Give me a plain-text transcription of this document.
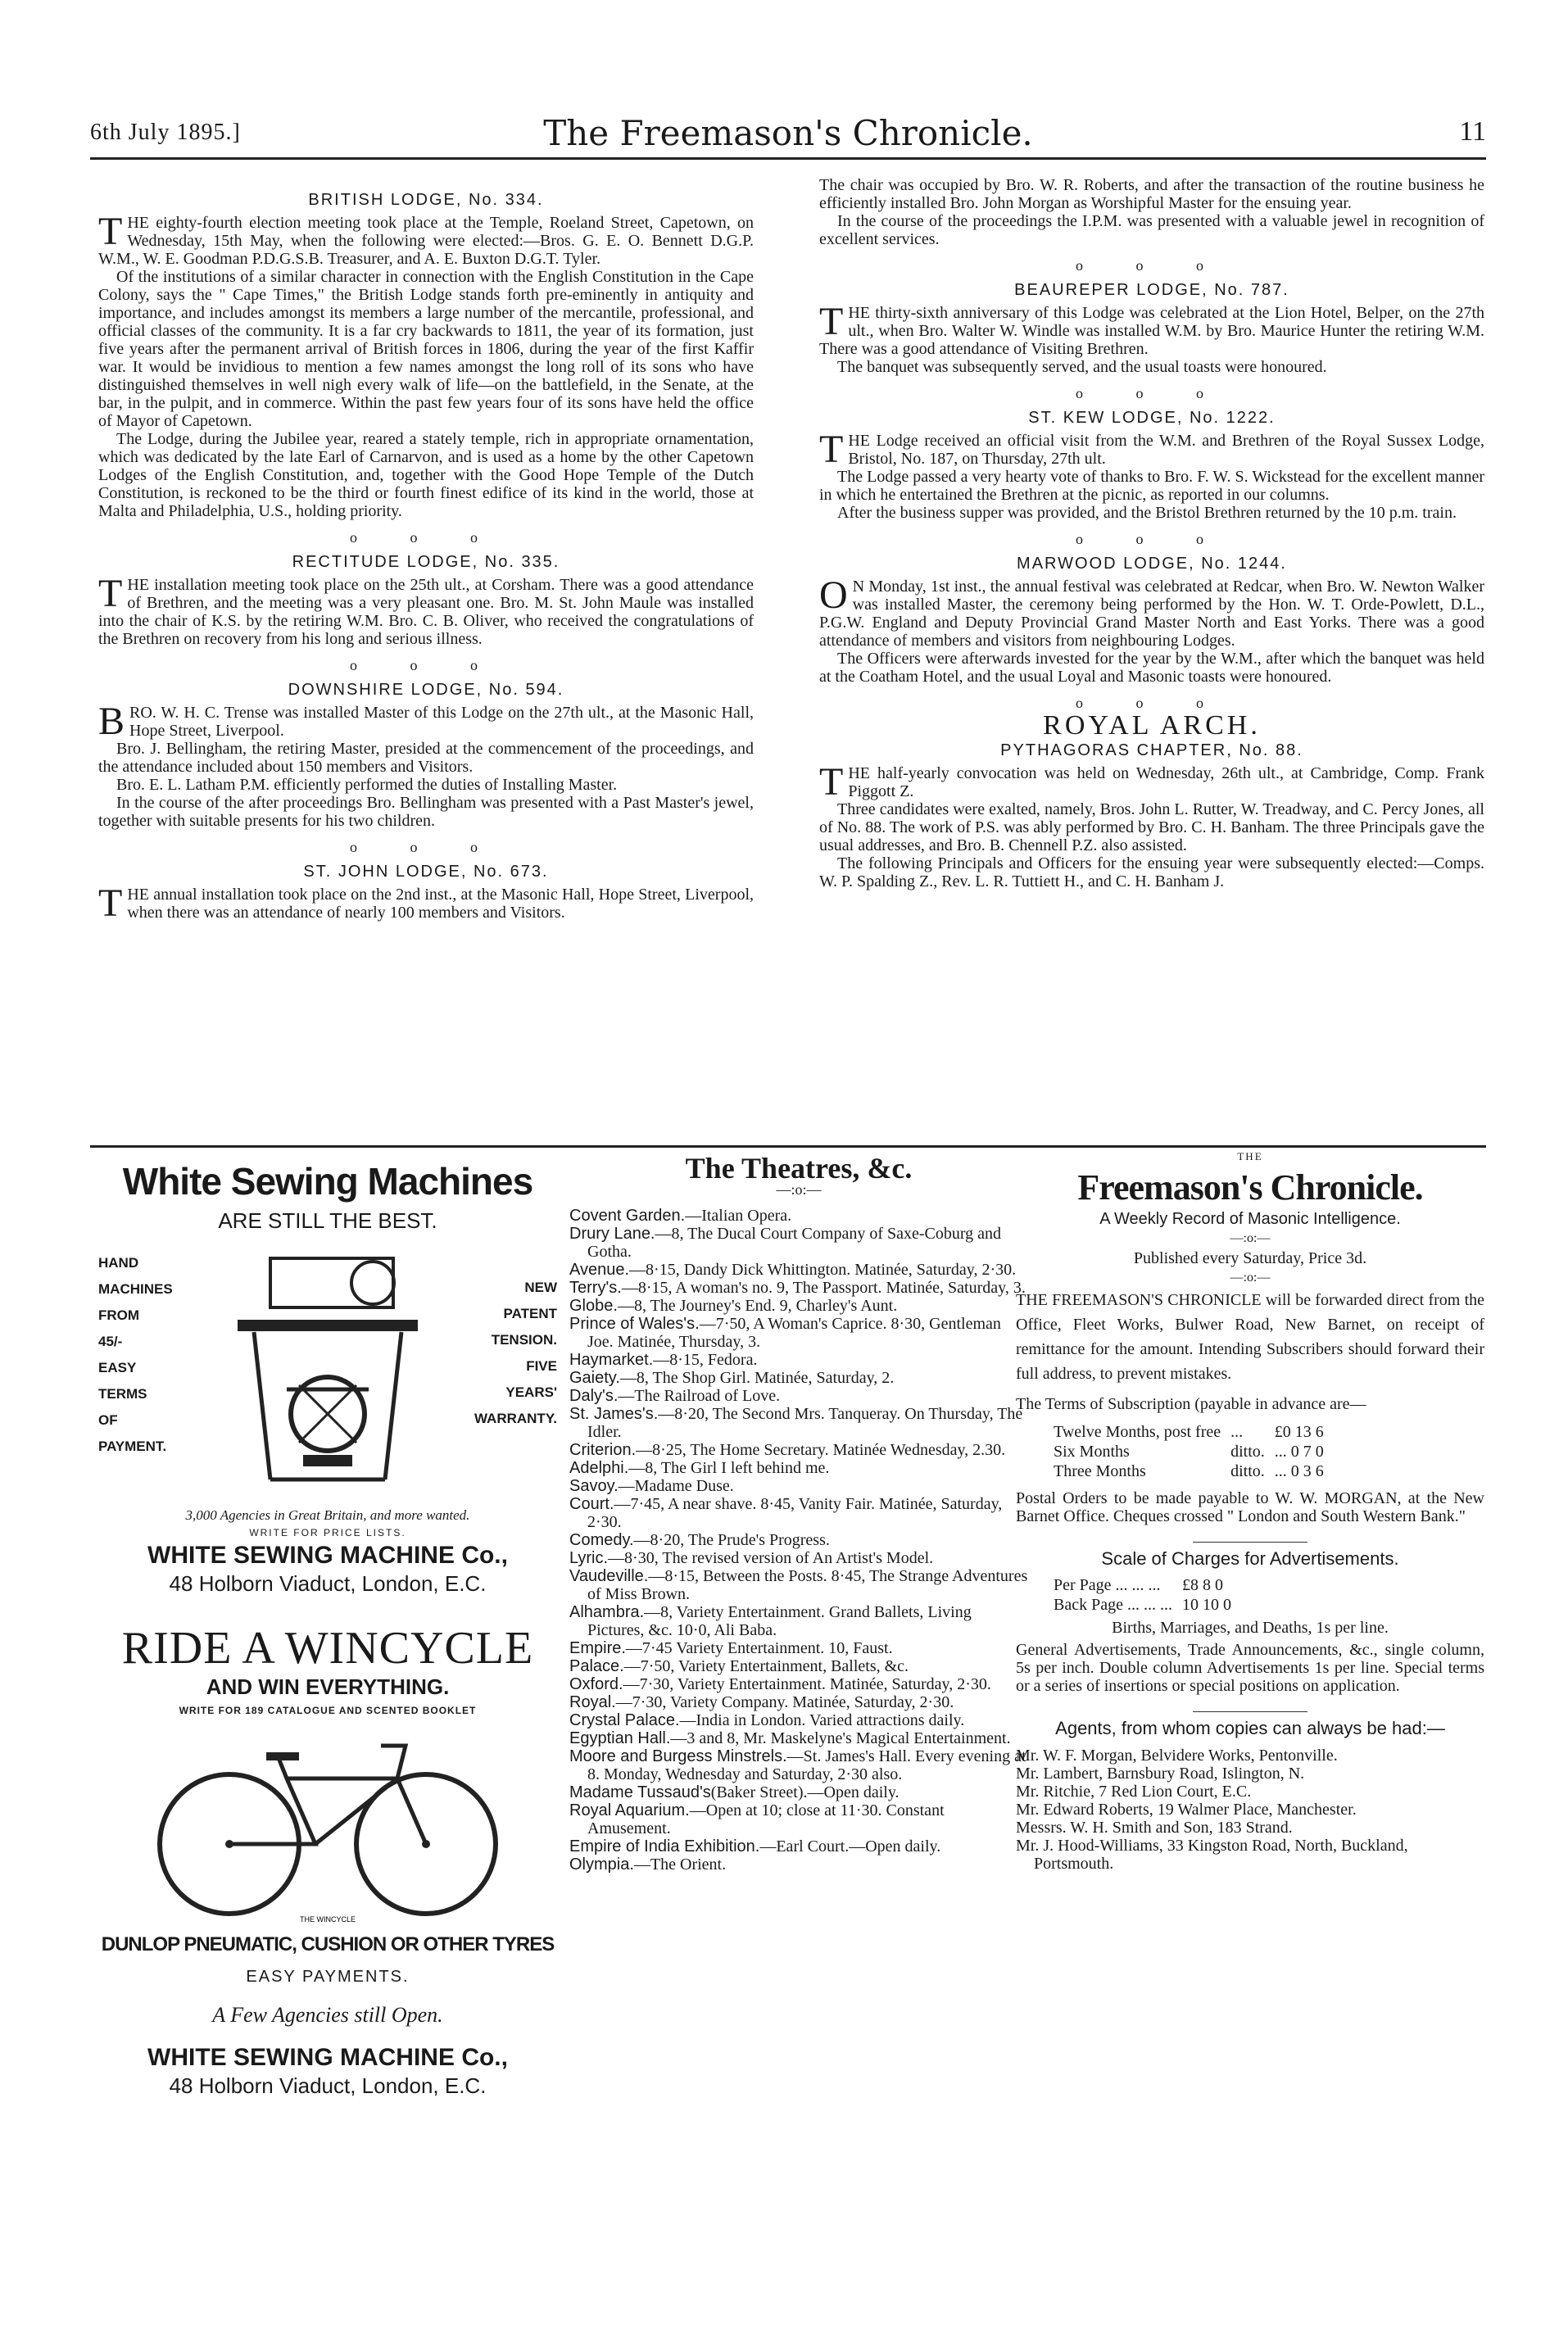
6th July 1895.]	The Freemason's Chronicle.	11
BRITISH LODGE, No. 334.

THE eighty-fourth election meeting took place at the Temple, Roeland Street, Capetown, on Wednesday, 15th May, when the following were elected:—Bros. G. E. O. Bennett D.G.P. W.M., W. E. Goodman P.D.G.S.B. Treasurer, and A. E. Buxton D.G.T. Tyler.

Of the institutions of a similar character in connection with the English Constitution in the Cape Colony, says the " Cape Times," the British Lodge stands forth pre-eminently in antiquity and importance, and includes amongst its members a large number of the mercantile, professional, and official classes of the community. It is a far cry backwards to 1811, the year of its formation, just five years after the permanent arrival of British forces in 1806, during the year of the first Kaffir war. It would be invidious to mention a few names amongst the long roll of its sons who have distinguished themselves in well nigh every walk of life—on the battlefield, in the Senate, at the bar, in the pulpit, and in commerce. Within the past few years four of its sons have held the office of Mayor of Capetown.

The Lodge, during the Jubilee year, reared a stately temple, rich in appropriate ornamentation, which was dedicated by the late Earl of Carnarvon, and is used as a home by the other Capetown Lodges of the English Constitution, and, together with the Good Hope Temple of the Dutch Constitution, is reckoned to be the third or fourth finest edifice of its kind in the world, those at Malta and Philadelphia, U.S., holding priority.

o o o
RECTITUDE LODGE, No. 335.

THE installation meeting took place on the 25th ult., at Corsham. There was a good attendance of Brethren, and the meeting was a very pleasant one. Bro. M. St. John Maule was installed into the chair of K.S. by the retiring W.M. Bro. C. B. Oliver, who received the congratulations of the Brethren on recovery from his long and serious illness.

o o o
DOWNSHIRE LODGE, No. 594.

BRO. W. H. C. Trense was installed Master of this Lodge on the 27th ult., at the Masonic Hall, Hope Street, Liverpool.

Bro. J. Bellingham, the retiring Master, presided at the commencement of the proceedings, and the attendance included about 150 members and Visitors.

Bro. E. L. Latham P.M. efficiently performed the duties of Installing Master.

In the course of the after proceedings Bro. Bellingham was presented with a Past Master's jewel, together with suitable presents for his two children.

o o o
ST. JOHN LODGE, No. 673.

THE annual installation took place on the 2nd inst., at the Masonic Hall, Hope Street, Liverpool, when there was an attendance of nearly 100 members and Visitors.

The chair was occupied by Bro. W. R. Roberts, and after the transaction of the routine business he efficiently installed Bro. John Morgan as Worshipful Master for the ensuing year.

In the course of the proceedings the I.P.M. was presented with a valuable jewel in recognition of excellent services.

o o o
BEAUREPER LODGE, No. 787.

THE thirty-sixth anniversary of this Lodge was celebrated at the Lion Hotel, Belper, on the 27th ult., when Bro. Walter W. Windle was installed W.M. by Bro. Maurice Hunter the retiring W.M. There was a good attendance of Visiting Brethren.

The banquet was subsequently served, and the usual toasts were honoured.

o o o
ST. KEW LODGE, No. 1222.

THE Lodge received an official visit from the W.M. and Brethren of the Royal Sussex Lodge, Bristol, No. 187, on Thursday, 27th ult.

The Lodge passed a very hearty vote of thanks to Bro. F. W. S. Wickstead for the excellent manner in which he entertained the Brethren at the picnic, as reported in our columns.

After the business supper was provided, and the Bristol Brethren returned by the 10 p.m. train.

o o o
MARWOOD LODGE, No. 1244.

O N Monday, 1st inst., the annual festival was celebrated at Redcar, when Bro. W. Newton Walker was installed Master, the ceremony being performed by the Hon. W. T. Orde-Powlett, D.L., P.G.W. England and Deputy Provincial Grand Master North and East Yorks. There was a good attendance of members and visitors from neighbouring Lodges.

The Officers were afterwards invested for the year by the W.M., after which the banquet was held at the Coatham Hotel, and the usual Loyal and Masonic toasts were honoured.

o o o
ROYAL ARCH.
PYTHAGORAS CHAPTER, No. 88.

THE half-yearly convocation was held on Wednesday, 26th ult., at Cambridge, Comp. Frank Piggott Z.

Three candidates were exalted, namely, Bros. John L. Rutter, W. Treadway, and C. Percy Jones, all of No. 88. The work of P.S. was ably performed by Bro. C. H. Banham. The three Principals gave the usual addresses, and Bro. B. Chennell P.Z. also assisted.

The following Principals and Officers for the ensuing year were subsequently elected:—Comps. W. P. Spalding Z., Rev. L. R. Tuttiett H., and C. H. Banham J.

White Sewing Machines
ARE STILL THE BEST.
HAND
MACHINES
FROM
45/-
EASY
TERMS
OF
PAYMENT.
NEW
PATENT
TENSION.
FIVE
YEARS'
WARRANTY.
3,000 Agencies in Great Britain, and more wanted.
WRITE FOR PRICE LISTS.
WHITE SEWING MACHINE Co.,
48 Holborn Viaduct, London, E.C.
RIDE A WINCYCLE
AND WIN EVERYTHING.
WRITE FOR 189 CATALOGUE AND SCENTED BOOKLET
THE WINCYCLE
DUNLOP PNEUMATIC, CUSHION OR OTHER TYRES
EASY PAYMENTS.
A Few Agencies still Open.
WHITE SEWING MACHINE Co.,
48 Holborn Viaduct, London, E.C.
The Theatres, &c.
—:o:—

Covent Garden.—Italian Opera.

Drury Lane.—8, The Ducal Court Company of Saxe-Coburg and Gotha.

Avenue.—8·15, Dandy Dick Whittington. Matinée, Saturday, 2·30.

Terry's.—8·15, A woman's no. 9, The Passport. Matinée, Saturday, 3.

Globe.—8, The Journey's End. 9, Charley's Aunt.

Prince of Wales's.—7·50, A Woman's Caprice. 8·30, Gentleman Joe. Matinée, Thursday, 3.

Haymarket.—8·15, Fedora.

Gaiety.—8, The Shop Girl. Matinée, Saturday, 2.

Daly's.—The Railroad of Love.

St. James's.—8·20, The Second Mrs. Tanqueray. On Thursday, The Idler.

Criterion.—8·25, The Home Secretary. Matinée Wednesday, 2.30.

Adelphi.—8, The Girl I left behind me.

Savoy.—Madame Duse.

Court.—7·45, A near shave. 8·45, Vanity Fair. Matinée, Saturday, 2·30.

Comedy.—8·20, The Prude's Progress.

Lyric.—8·30, The revised version of An Artist's Model.

Vaudeville.—8·15, Between the Posts. 8·45, The Strange Adventures of Miss Brown.

Alhambra.—8, Variety Entertainment. Grand Ballets, Living Pictures, &c. 10·0, Ali Baba.

Empire.—7·45 Variety Entertainment. 10, Faust.

Palace.—7·50, Variety Entertainment, Ballets, &c.

Oxford.—7·30, Variety Entertainment. Matinée, Saturday, 2·30.

Royal.—7·30, Variety Company. Matinée, Saturday, 2·30.

Crystal Palace.—India in London. Varied attractions daily.

Egyptian Hall.—3 and 8, Mr. Maskelyne's Magical Entertainment.

Moore and Burgess Minstrels.—St. James's Hall. Every evening at 8. Monday, Wednesday and Saturday, 2·30 also.

Madame Tussaud's(Baker Street).—Open daily.

Royal Aquarium.—Open at 10; close at 11·30. Constant Amusement.

Empire of India Exhibition.—Earl Court.—Open daily.

Olympia.—The Orient.

THE
Freemason's Chronicle.
A Weekly Record of Masonic Intelligence.
—:o:—
Published every Saturday, Price 3d.
—:o:—

THE FREEMASON'S CHRONICLE will be forwarded direct from the Office, Fleet Works, Bulwer Road, New Barnet, on receipt of remittance for the amount. Intending Subscribers should forward their full address, to prevent mistakes.

The Terms of Subscription (payable in advance are—

Twelve Months, post free	...	£0 13 6
Six Months	ditto.	... 0 7 0
Three Months	ditto.	... 0 3 6

Postal Orders to be made payable to W. W. MORGAN, at the New Barnet Office. Cheques crossed " London and South Western Bank."

Scale of Charges for Advertisements.
Per Page ... ... ...	£8 8 0
Back Page ... ... ...	10 10 0

Births, Marriages, and Deaths, 1s per line.

General Advertisements, Trade Announcements, &c., single column, 5s per inch. Double column Advertisements 1s per line. Special terms or a series of insertions or special positions on application.

Agents, from whom copies can always be had:—

Mr. W. F. Morgan, Belvidere Works, Pentonville.

Mr. Lambert, Barnsbury Road, Islington, N.

Mr. Ritchie, 7 Red Lion Court, E.C.

Mr. Edward Roberts, 19 Walmer Place, Manchester.

Messrs. W. H. Smith and Son, 183 Strand.

Mr. J. Hood-Williams, 33 Kingston Road, North, Buckland, Portsmouth.
